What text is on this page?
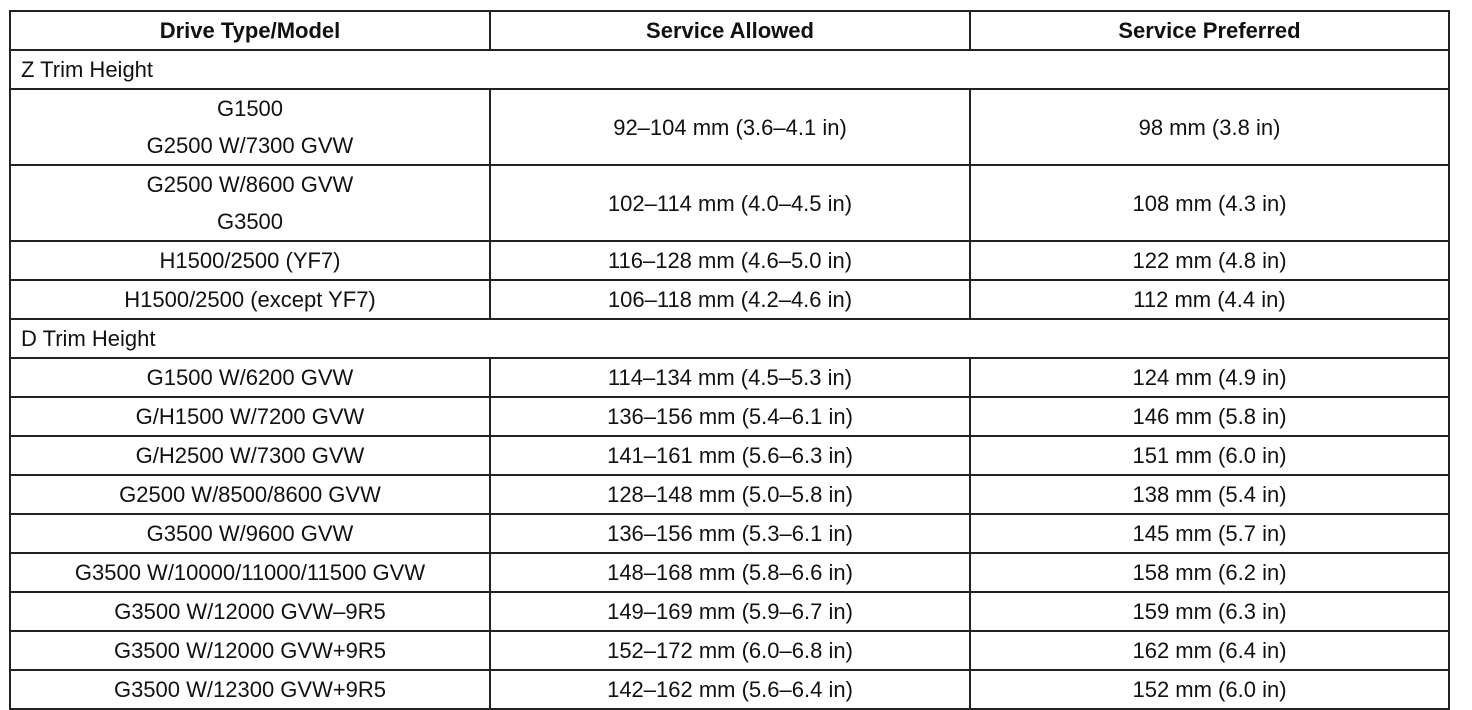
Drive Type/Model	Service Allowed	Service Preferred
Z Trim Height		

G1500
G2500 W/7300 GVW	92–104 mm (3.6–4.1 in)	98 mm (3.8 in)

G2500 W/8600 GVW
G3500	102–114 mm (4.0–4.5 in)	108 mm (4.3 in)

H1500/2500 (YF7)	116–128 mm (4.6–5.0 in)	122 mm (4.8 in)

H1500/2500 (except YF7)	106–118 mm (4.2–4.6 in)	112 mm (4.4 in)
D Trim Height		

G1500 W/6200 GVW	114–134 mm (4.5–5.3 in)	124 mm (4.9 in)

G/H1500 W/7200 GVW	136–156 mm (5.4–6.1 in)	146 mm (5.8 in)

G/H2500 W/7300 GVW	141–161 mm (5.6–6.3 in)	151 mm (6.0 in)

G2500 W/8500/8600 GVW	128–148 mm (5.0–5.8 in)	138 mm (5.4 in)

G3500 W/9600 GVW	136–156 mm (5.3–6.1 in)	145 mm (5.7 in)

G3500 W/10000/11000/11500 GVW	148–168 mm (5.8–6.6 in)	158 mm (6.2 in)

G3500 W/12000 GVW–9R5	149–169 mm (5.9–6.7 in)	159 mm (6.3 in)

G3500 W/12000 GVW+9R5	152–172 mm (6.0–6.8 in)	162 mm (6.4 in)

G3500 W/12300 GVW+9R5	142–162 mm (5.6–6.4 in)	152 mm (6.0 in)
